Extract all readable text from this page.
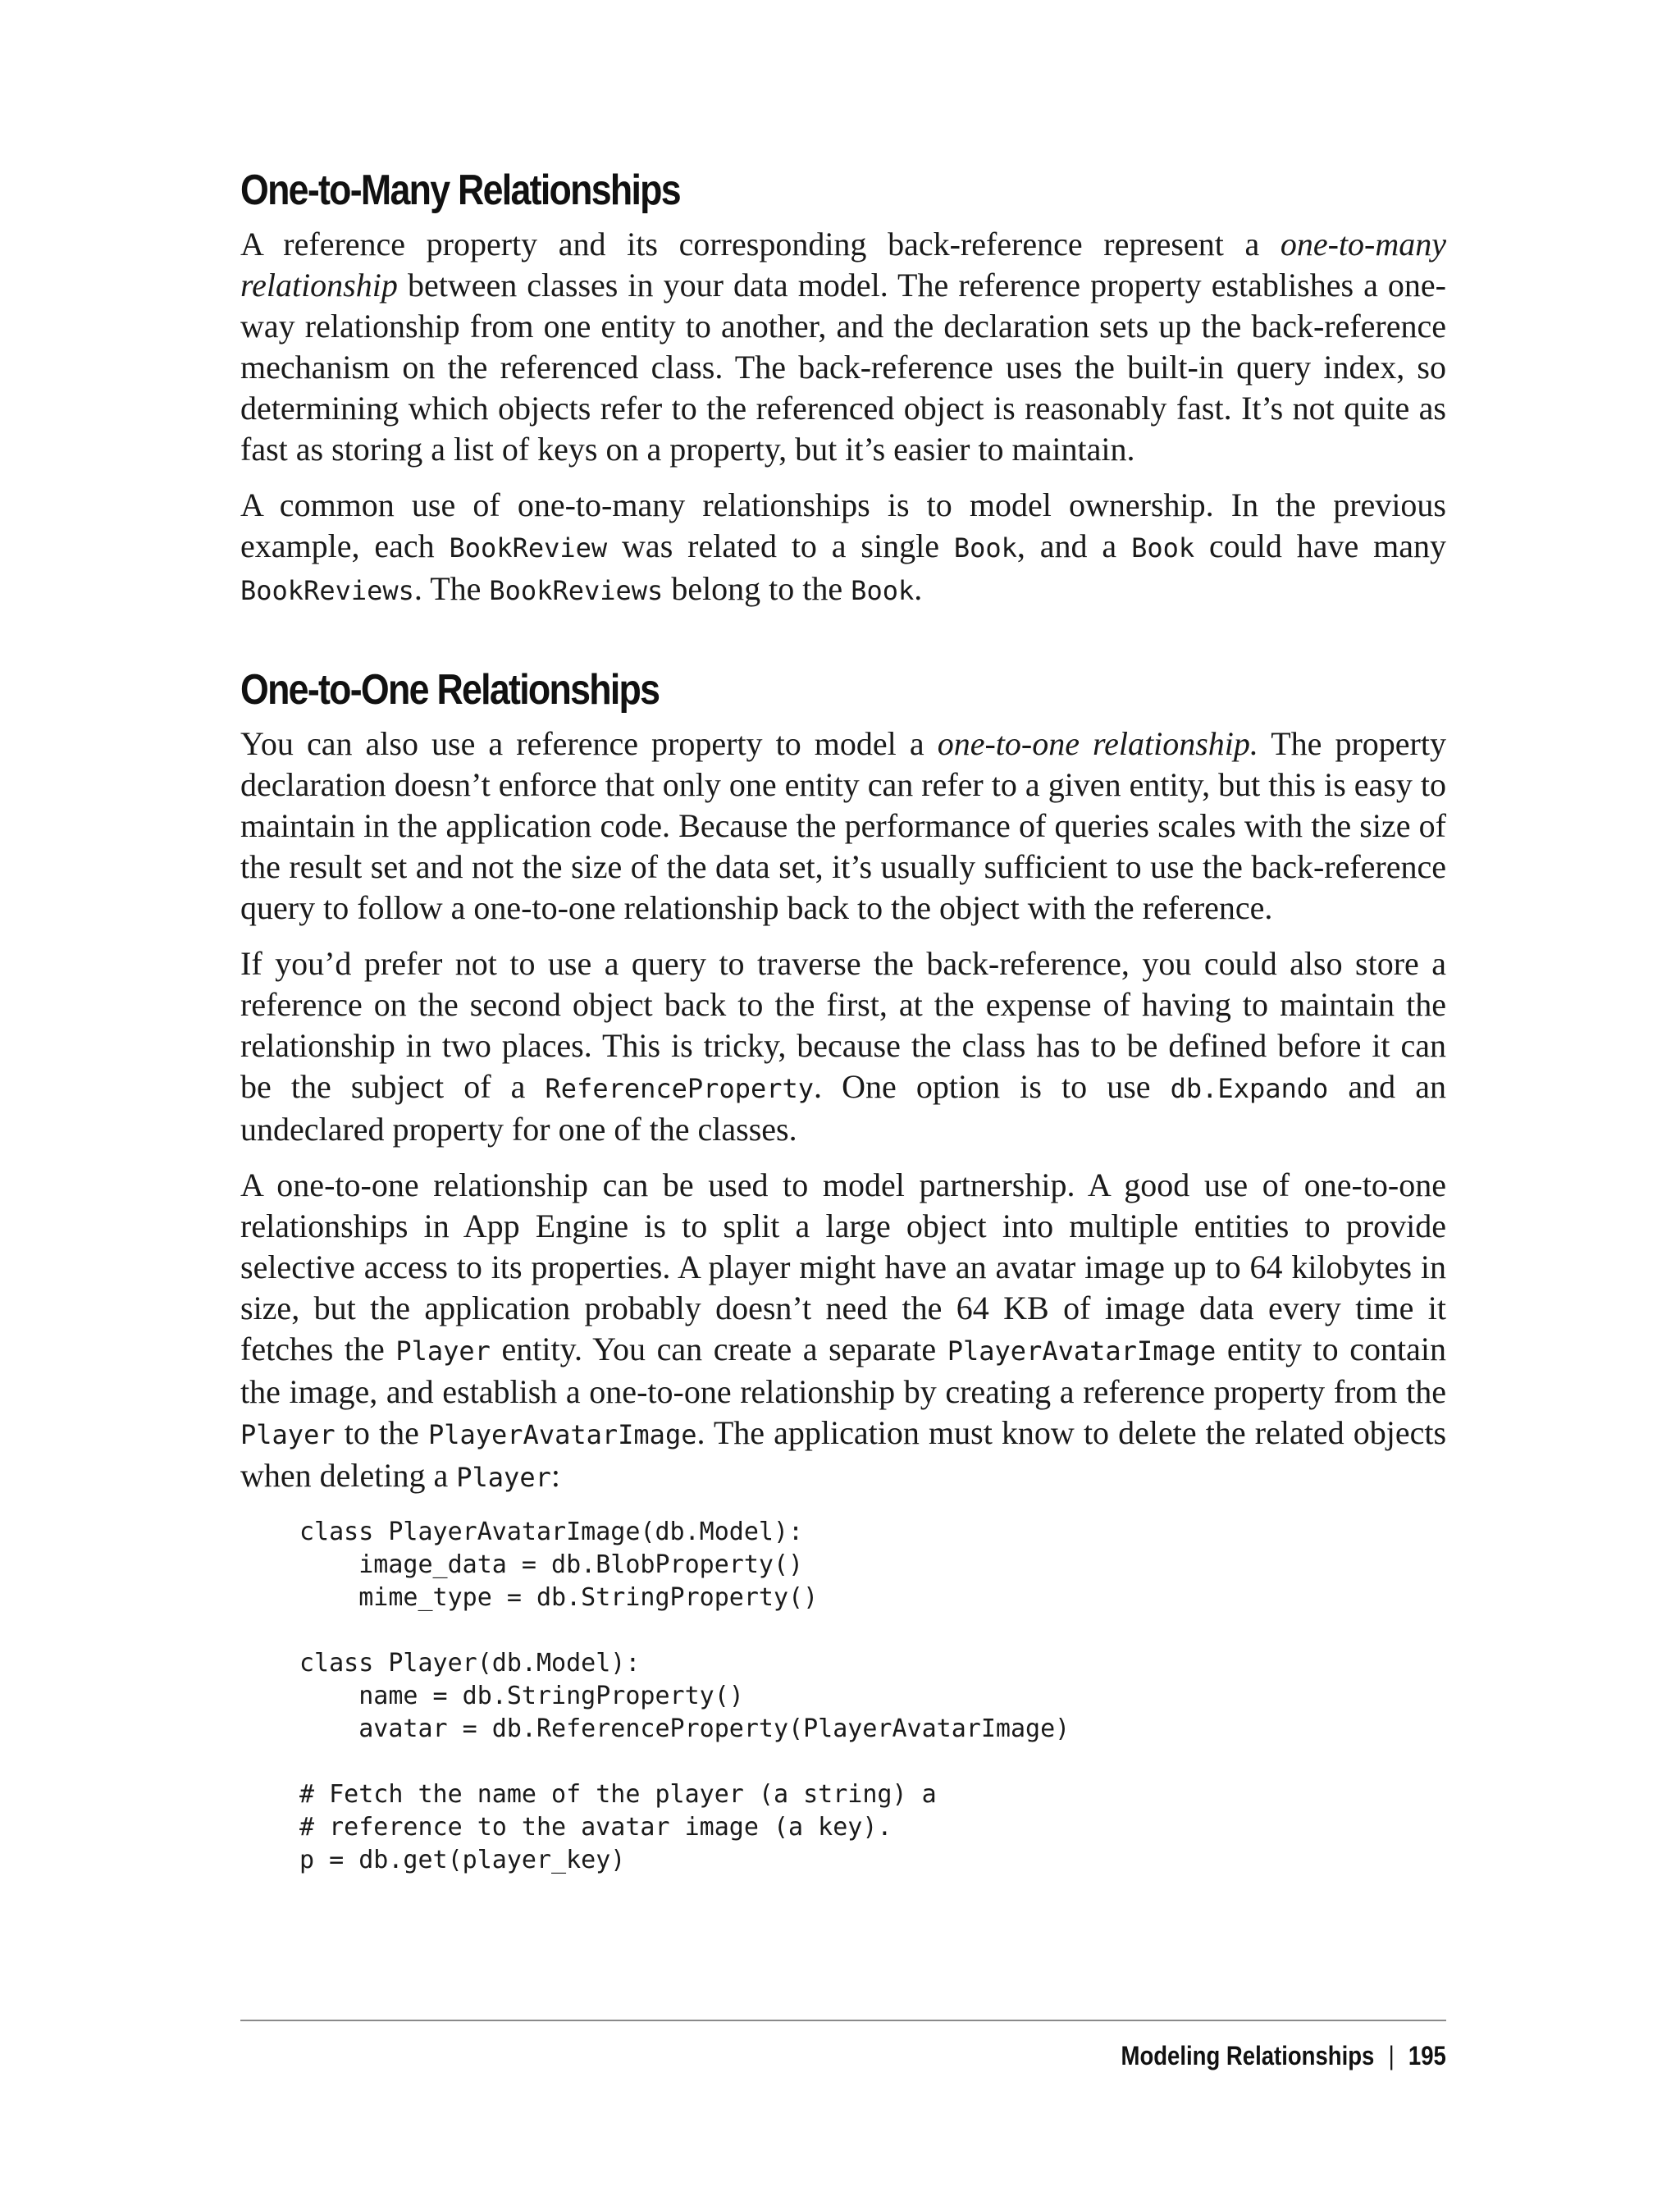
One-to-Many Relationships

A reference property and its corresponding back-reference represent a one-to-many relationship between classes in your data model. The reference property establishes a one-way relationship from one entity to another, and the declaration sets up the back-reference mechanism on the referenced class. The back-reference uses the built-in query index, so determining which objects refer to the referenced object is reasonably fast. It’s not quite as fast as storing a list of keys on a property, but it’s easier to maintain.

A common use of one-to-many relationships is to model ownership. In the previous example, each BookReview was related to a single Book, and a Book could have many BookReviews. The BookReviews belong to the Book.

One-to-One Relationships

You can also use a reference property to model a one-to-one relationship. The property declaration doesn’t enforce that only one entity can refer to a given entity, but this is easy to maintain in the application code. Because the performance of queries scales with the size of the result set and not the size of the data set, it’s usually sufficient to use the back-reference query to follow a one-to-one relationship back to the object with the reference.

If you’d prefer not to use a query to traverse the back-reference, you could also store a reference on the second object back to the first, at the expense of having to maintain the relationship in two places. This is tricky, because the class has to be defined before it can be the subject of a ReferenceProperty. One option is to use db.Expando and an undeclared property for one of the classes.

A one-to-one relationship can be used to model partnership. A good use of one-to-one relationships in App Engine is to split a large object into multiple entities to provide selective access to its properties. A player might have an avatar image up to 64 kilobytes in size, but the application probably doesn’t need the 64 KB of image data every time it fetches the Player entity. You can create a separate PlayerAvatarImage entity to contain the image, and establish a one-to-one relationship by creating a reference property from the Player to the PlayerAvatarImage. The application must know to delete the related objects when deleting a Player:

class PlayerAvatarImage(db.Model):
image_data = db.BlobProperty()
mime_type = db.StringProperty()

class Player(db.Model):
name = db.StringProperty()
avatar = db.ReferenceProperty(PlayerAvatarImage)

# Fetch the name of the player (a string) a
# reference to the avatar image (a key).
p = db.get(player_key)
Modeling Relationships | 195
